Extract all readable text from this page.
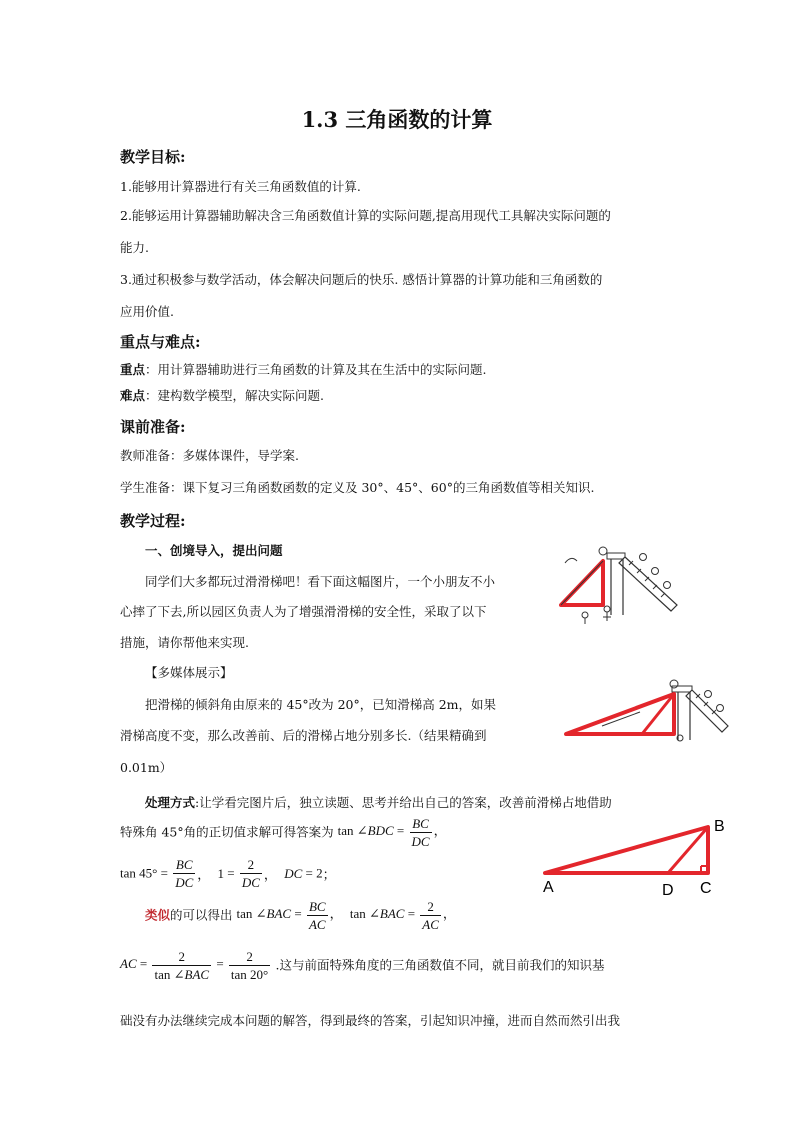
1.3 三角函数的计算
教学目标:
1.能够用计算器进行有关三角函数值的计算.
2.能够运用计算器辅助解决含三角函数值计算的实际问题,提高用现代工具解决实际问题的
能力.
3.通过积极参与数学活动，体会解决问题后的快乐. 感悟计算器的计算功能和三角函数的
应用价值.
重点与难点:
重点：用计算器辅助进行三角函数的计算及其在生活中的实际问题.
难点：建构数学模型，解决实际问题.
课前准备:
教师准备：多媒体课件，导学案.
学生准备：课下复习三角函数函数的定义及 30°、45°、60°的三角函数值等相关知识.
教学过程:
一、创境导入，提出问题
同学们大多都玩过滑滑梯吧！看下面这幅图片，一个小朋友不小
心摔了下去,所以园区负责人为了增强滑滑梯的安全性，采取了以下
措施，请你帮他来实现.
【多媒体展示】
把滑梯的倾斜角由原来的 45°改为 20°，已知滑梯高 2m，如果
滑梯高度不变，那么改善前、后的滑梯占地分别多长.（结果精确到
0.01m）
处理方式:让学看完图片后，独立读题、思考并给出自己的答案，改善前滑梯占地借助
特殊角 45°角的正切值求解可得答案为 tan ∠BDC = $\frac{BC}{DC}$ ，
$\tan 45^\circ = \frac{BC}{DC}$ ， $1 = \frac{2}{DC}$ ， DC = 2；
类似的可以得出 tan ∠BAC = $\frac{BC}{AC}$ ， tan ∠BAC = $\frac{2}{AC}$ ，
AC = $\frac{2}{\text{tan ∠BAC}} = \frac{2}{\tan 20^\circ}$ .这与前面特殊角度的三角函数值不同，就目前我们的知识基
础没有办法继续完成本问题的解答，得到最终的答案，引起知识冲撞，进而自然而然引出我
A
B
C
D
